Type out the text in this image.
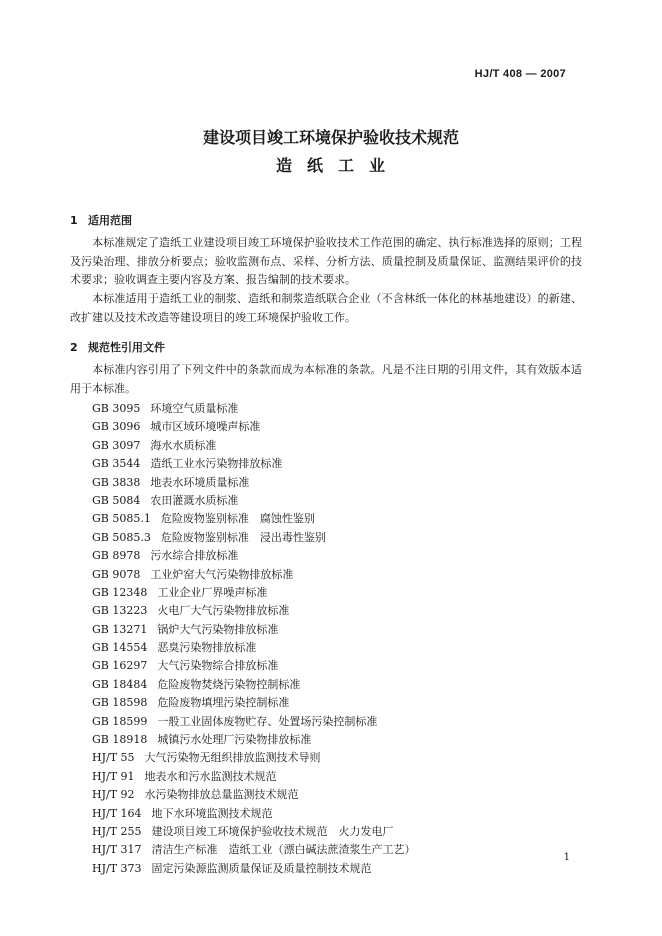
HJ/T 408 — 2007
建设项目竣工环境保护验收技术规范
造纸工业
1 适用范围
本标准规定了造纸工业建设项目竣工环境保护验收技术工作范围的确定、执行标准选择的原则；工程及污染治理、排放分析要点；验收监测布点、采样、分析方法、质量控制及质量保证、监测结果评价的技术要求；验收调查主要内容及方案、报告编制的技术要求。
本标准适用于造纸工业的制浆、造纸和制浆造纸联合企业（不含林纸一体化的林基地建设）的新建、改扩建以及技术改造等建设项目的竣工环境保护验收工作。
2 规范性引用文件
本标准内容引用了下列文件中的条款而成为本标准的条款。凡是不注日期的引用文件，其有效版本适用于本标准。
GB 3095 环境空气质量标准
GB 3096 城市区域环境噪声标准
GB 3097 海水水质标准
GB 3544 造纸工业水污染物排放标准
GB 3838 地表水环境质量标准
GB 5084 农田灌溉水质标准
GB 5085.1 危险废物鉴别标准　腐蚀性鉴别
GB 5085.3 危险废物鉴别标准　浸出毒性鉴别
GB 8978 污水综合排放标准
GB 9078 工业炉窑大气污染物排放标准
GB 12348 工业企业厂界噪声标准
GB 13223 火电厂大气污染物排放标准
GB 13271 锅炉大气污染物排放标准
GB 14554 恶臭污染物排放标准
GB 16297 大气污染物综合排放标准
GB 18484 危险废物焚烧污染物控制标准
GB 18598 危险废物填埋污染控制标准
GB 18599 一般工业固体废物贮存、处置场污染控制标准
GB 18918 城镇污水处理厂污染物排放标准
HJ/T 55 大气污染物无组织排放监测技术导则
HJ/T 91 地表水和污水监测技术规范
HJ/T 92 水污染物排放总量监测技术规范
HJ/T 164 地下水环境监测技术规范
HJ/T 255 建设项目竣工环境保护验收技术规范　火力发电厂
HJ/T 317 清洁生产标准　造纸工业（漂白碱法蔗渣浆生产工艺）
HJ/T 373 固定污染源监测质量保证及质量控制技术规范
1
